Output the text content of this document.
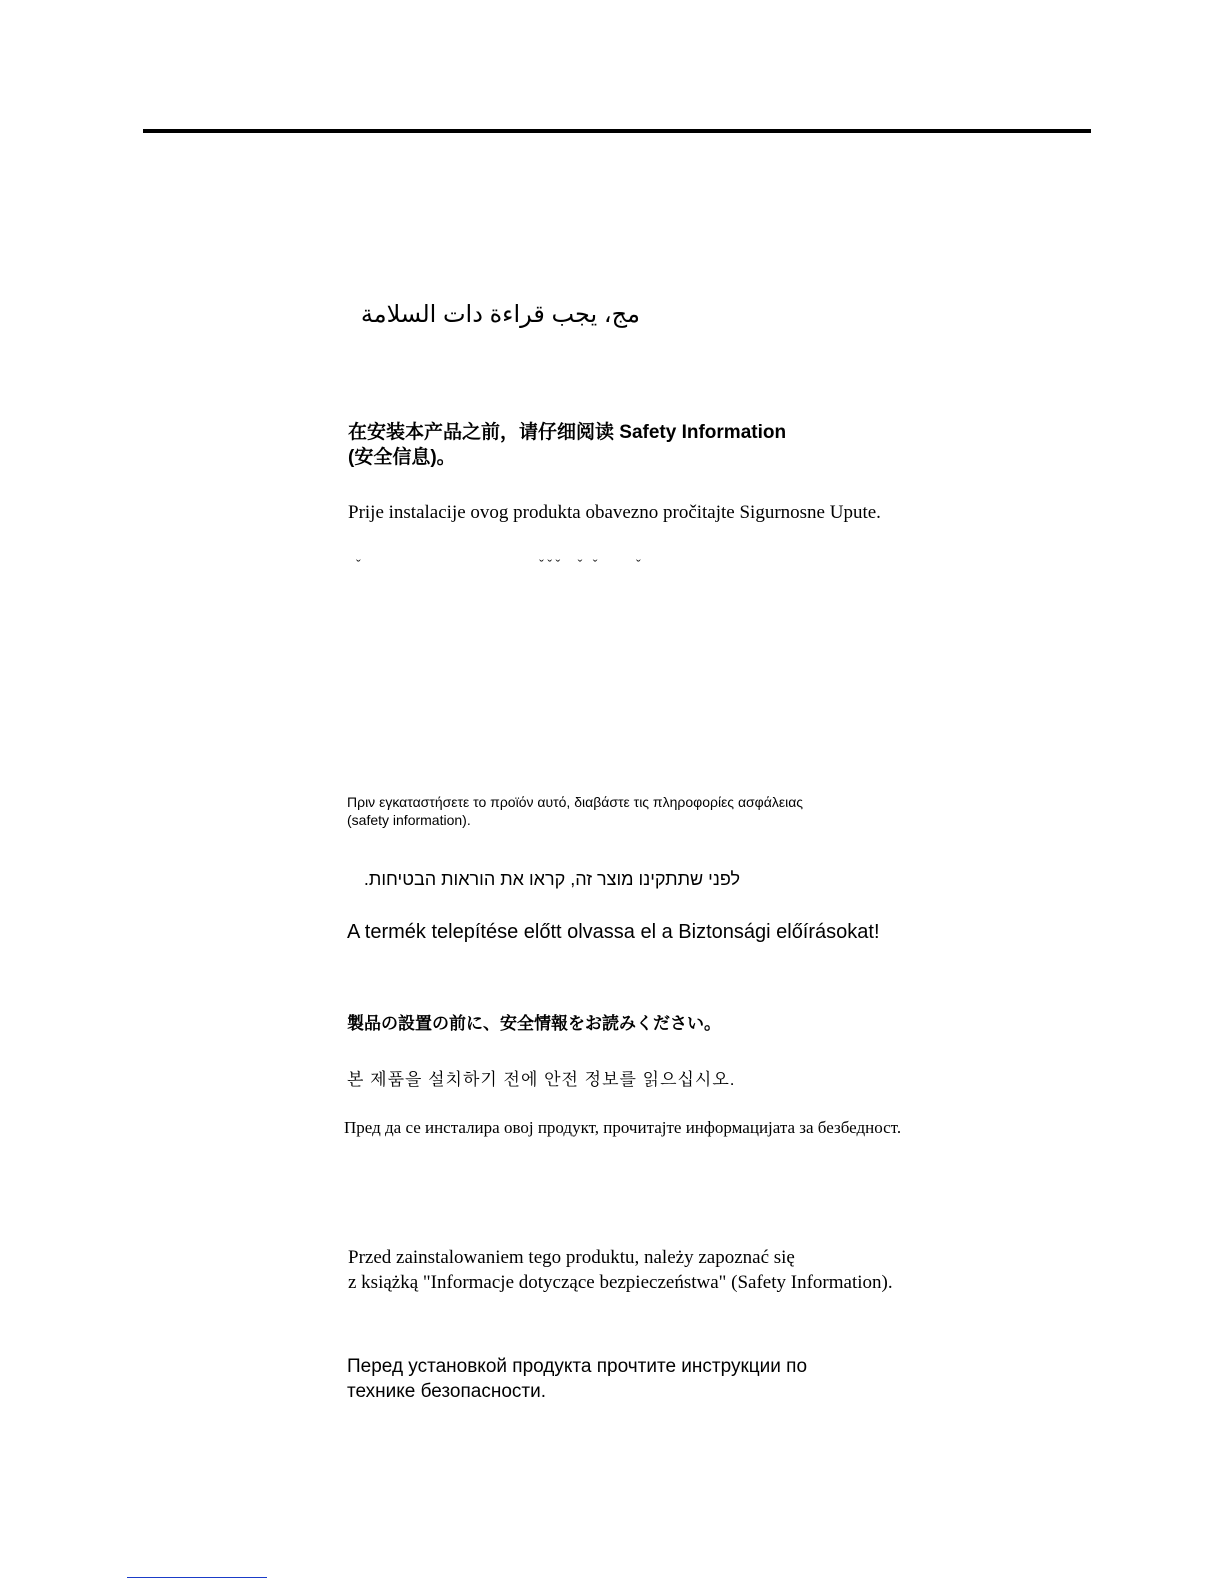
مج، يجب قراءة دات السلامة
在安装本产品之前，请仔细阅读 Safety Information
(安全信息)。
Prije instalacije ovog produkta obavezno pročitajte Sigurnosne Upute.
ˇ                                                   ˇ ˇ ˇ     ˇ   ˇ           ˇ
Πριν εγκαταστήσετε το προϊόν αυτό, διαβάστε τις πληροφορίες ασφάλειας
(safety information).
לפני שתתקינו מוצר זה, קראו את הוראות הבטיחות.
A termék telepítése előtt olvassa el a Biztonsági előírásokat!
製品の設置の前に、安全情報をお読みください。
본 제품을 설치하기 전에 안전 정보를 읽으십시오.
Пред да се инсталира овој продукт, прочитајте информацијата за безбедност.
Przed zainstalowaniem tego produktu, należy zapoznać się
z książką "Informacje dotyczące bezpieczeństwa" (Safety Information).
Перед установкой продукта прочтите инструкции по
технике безопасности.
